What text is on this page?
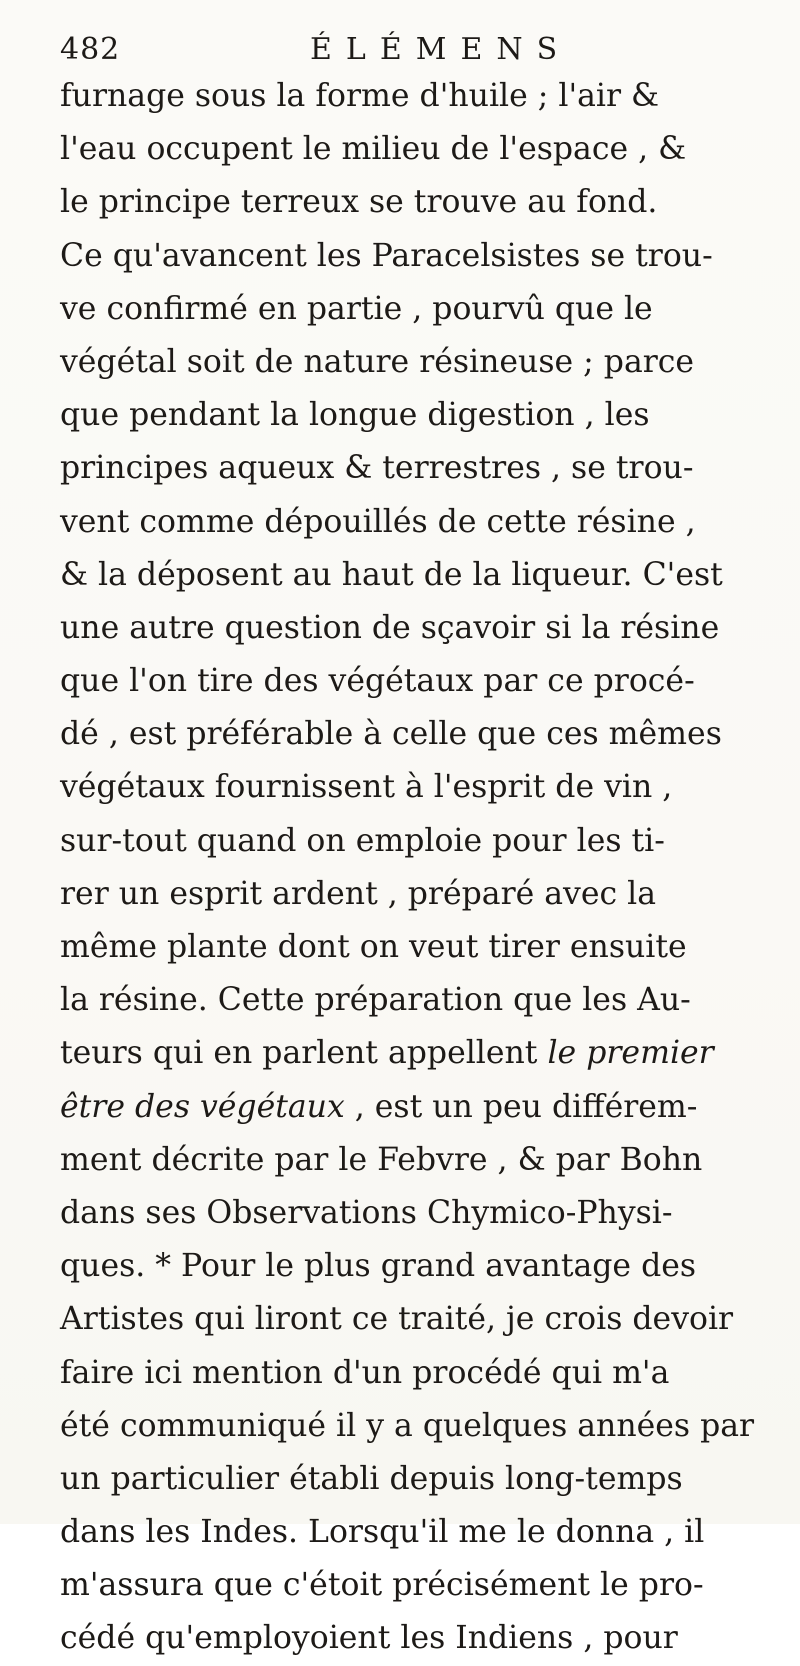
482	ÉLÉMENS
furnage sous la forme d'huile ; l'air &
l'eau occupent le milieu de l'espace , &
le principe terreux se trouve au fond.
Ce qu'avancent les Paracelsistes se trou-
ve confirmé en partie , pourvû que le
végétal soit de nature résineuse ; parce
que pendant la longue digestion , les
principes aqueux & terrestres , se trou-
vent comme dépouillés de cette résine ,
& la déposent au haut de la liqueur. C'est
une autre question de sçavoir si la résine
que l'on tire des végétaux par ce procé-
dé , est préférable à celle que ces mêmes
végétaux fournissent à l'esprit de vin ,
sur-tout quand on emploie pour les ti-
rer un esprit ardent , préparé avec la
même plante dont on veut tirer ensuite
la résine. Cette préparation que les Au-
teurs qui en parlent appellent le premier
être des végétaux , est un peu différem-
ment décrite par le Febvre , & par Bohn
dans ses Observations Chymico-Physi-
ques. * Pour le plus grand avantage des
Artistes qui liront ce traité, je crois devoir
faire ici mention d'un procédé qui m'a
été communiqué il y a quelques années par
un particulier établi depuis long-temps
dans les Indes. Lorsqu'il me le donna , il
m'assura que c'étoit précisément le pro-
cédé qu'employoient les Indiens , pour
